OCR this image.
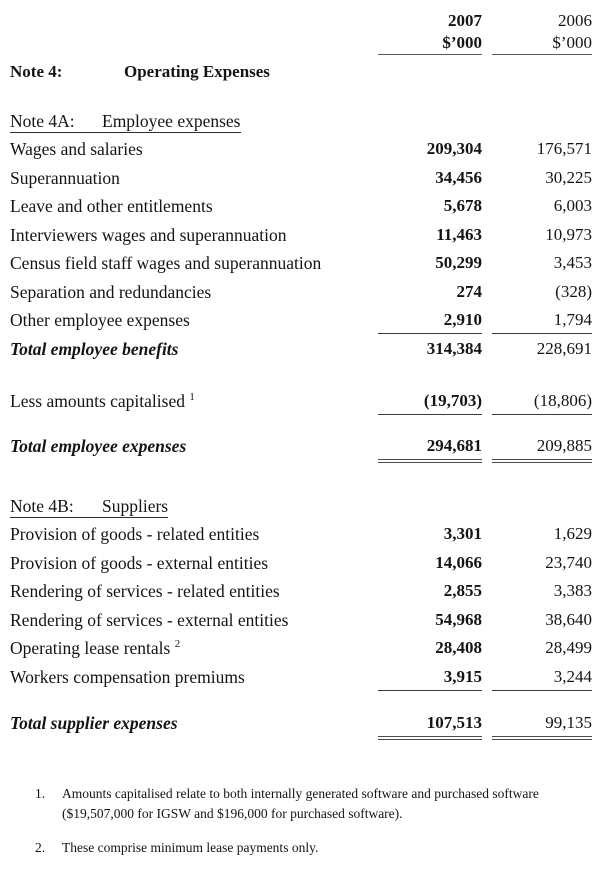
2007	2006
$’000	$’000
Note 4:	Operating Expenses
Note 4A: Employee expenses
Wages and salaries	209,304	176,571
Superannuation	34,456	30,225
Leave and other entitlements	5,678	6,003
Interviewers wages and superannuation	11,463	10,973
Census field staff wages and superannuation	50,299	3,453
Separation and redundancies	274	(328)
Other employee expenses	2,910	1,794
Total employee benefits	314,384	228,691
Less amounts capitalised $^1$	(19,703)	(18,806)
Total employee expenses	294,681	209,885
Note 4B: Suppliers
Provision of goods - related entities	3,301	1,629
Provision of goods - external entities	14,066	23,740
Rendering of services - related entities	2,855	3,383
Rendering of services - external entities	54,968	38,640
Operating lease rentals $^2$	28,408	28,499
Workers compensation premiums	3,915	3,244
Total supplier expenses	107,513	99,135
1.	Amounts capitalised relate to both internally generated software and purchased software ($19,507,000 for IGSW and $196,000 for purchased software).
2.	These comprise minimum lease payments only.
